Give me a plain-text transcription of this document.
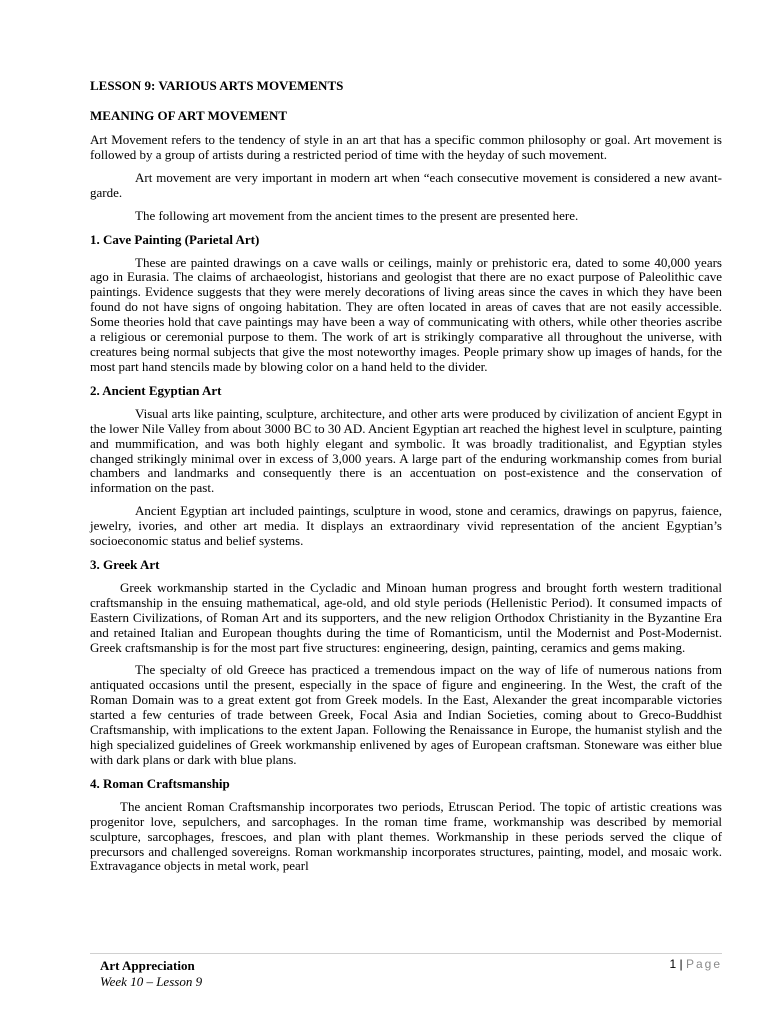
LESSON 9: VARIOUS ARTS MOVEMENTS
MEANING OF ART MOVEMENT

Art Movement refers to the tendency of style in an art that has a specific common philosophy or goal. Art movement is followed by a group of artists during a restricted period of time with the heyday of such movement.

Art movement are very important in modern art when “each consecutive movement is considered a new avant-garde.

The following art movement from the ancient times to the present are presented here.

1. Cave Painting (Parietal Art)

These are painted drawings on a cave walls or ceilings, mainly or prehistoric era, dated to some 40,000 years ago in Eurasia. The claims of archaeologist, historians and geologist that there are no exact purpose of Paleolithic cave paintings. Evidence suggests that they were merely decorations of living areas since the caves in which they have been found do not have signs of ongoing habitation. They are often located in areas of caves that are not easily accessible. Some theories hold that cave paintings may have been a way of communicating with others, while other theories ascribe a religious or ceremonial purpose to them. The work of art is strikingly comparative all throughout the universe, with creatures being normal subjects that give the most noteworthy images. People primary show up images of hands, for the most part hand stencils made by blowing color on a hand held to the divider.

2. Ancient Egyptian Art

Visual arts like painting, sculpture, architecture, and other arts were produced by civilization of ancient Egypt in the lower Nile Valley from about 3000 BC to 30 AD. Ancient Egyptian art reached the highest level in sculpture, painting and mummification, and was both highly elegant and symbolic. It was broadly traditionalist, and Egyptian styles changed strikingly minimal over in excess of 3,000 years. A large part of the enduring workmanship comes from burial chambers and landmarks and consequently there is an accentuation on post-existence and the conservation of information on the past.

Ancient Egyptian art included paintings, sculpture in wood, stone and ceramics, drawings on papyrus, faience, jewelry, ivories, and other art media. It displays an extraordinary vivid representation of the ancient Egyptian’s socioeconomic status and belief systems.

3. Greek Art

Greek workmanship started in the Cycladic and Minoan human progress and brought forth western traditional craftsmanship in the ensuing mathematical, age-old, and old style periods (Hellenistic Period). It consumed impacts of Eastern Civilizations, of Roman Art and its supporters, and the new religion Orthodox Christianity in the Byzantine Era and retained Italian and European thoughts during the time of Romanticism, until the Modernist and Post-Modernist. Greek craftsmanship is for the most part five structures: engineering, design, painting, ceramics and gems making.

The specialty of old Greece has practiced a tremendous impact on the way of life of numerous nations from antiquated occasions until the present, especially in the space of figure and engineering. In the West, the craft of the Roman Domain was to a great extent got from Greek models. In the East, Alexander the great incomparable victories started a few centuries of trade between Greek, Focal Asia and Indian Societies, coming about to Greco-Buddhist Craftsmanship, with implications to the extent Japan. Following the Renaissance in Europe, the humanist stylish and the high specialized guidelines of Greek workmanship enlivened by ages of European craftsman. Stoneware was either blue with dark plans or dark with blue plans.

4. Roman Craftsmanship

The ancient Roman Craftsmanship incorporates two periods, Etruscan Period. The topic of artistic creations was progenitor love, sepulchers, and sarcophages. In the roman time frame, workmanship was described by memorial sculpture, sarcophages, frescoes, and plan with plant themes. Workmanship in these periods served the clique of precursors and challenged sovereigns. Roman workmanship incorporates structures, painting, model, and mosaic work. Extravagance objects in metal work, pearl

Art Appreciation
Week 10 – Lesson 9
1 | Page
